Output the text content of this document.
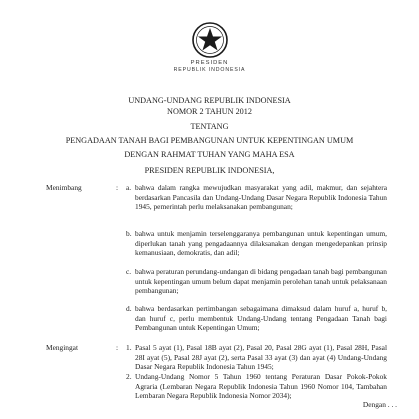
PRESIDEN
REPUBLIK INDONESIA
UNDANG-UNDANG REPUBLIK INDONESIA
NOMOR 2 TAHUN 2012
TENTANG
PENGADAAN TANAH BAGI PEMBANGUNAN UNTUK KEPENTINGAN UMUM
DENGAN RAHMAT TUHAN YANG MAHA ESA
PRESIDEN REPUBLIK INDONESIA,
Menimbang	: a. bahwa dalam rangka mewujudkan masyarakat yang adil, makmur, dan sejahtera berdasarkan Pancasila dan Undang-Undang Dasar Negara Republik Indonesia Tahun 1945, pemerintah perlu melaksanakan pembangunan;

b. bahwa untuk menjamin terselenggaranya pembangunan untuk kepentingan umum, diperlukan tanah yang pengadaannya dilaksanakan dengan mengedepankan prinsip kemanusiaan, demokratis, dan adil;

c. bahwa peraturan perundang-undangan di bidang pengadaan tanah bagi pembangunan untuk kepentingan umum belum dapat menjamin perolehan tanah untuk pelaksanaan pembangunan;

d. bahwa berdasarkan pertimbangan sebagaimana dimaksud dalam huruf a, huruf b, dan huruf c, perlu membentuk Undang-Undang tentang Pengadaan Tanah bagi Pembangunan untuk Kepentingan Umum;

Mengingat	: 1. Pasal 5 ayat (1), Pasal 18B ayat (2), Pasal 20, Pasal 28G ayat (1), Pasal 28H, Pasal 28I ayat (5), Pasal 28J ayat (2), serta Pasal 33 ayat (3) dan ayat (4) Undang-Undang Dasar Negara Republik Indonesia Tahun 1945;

2. Undang-Undang Nomor 5 Tahun 1960 tentang Peraturan Dasar Pokok-Pokok Agraria (Lembaran Negara Republik Indonesia Tahun 1960 Nomor 104, Tambahan Lembaran Negara Republik Indonesia Nomor 2034);

Dengan . . .
